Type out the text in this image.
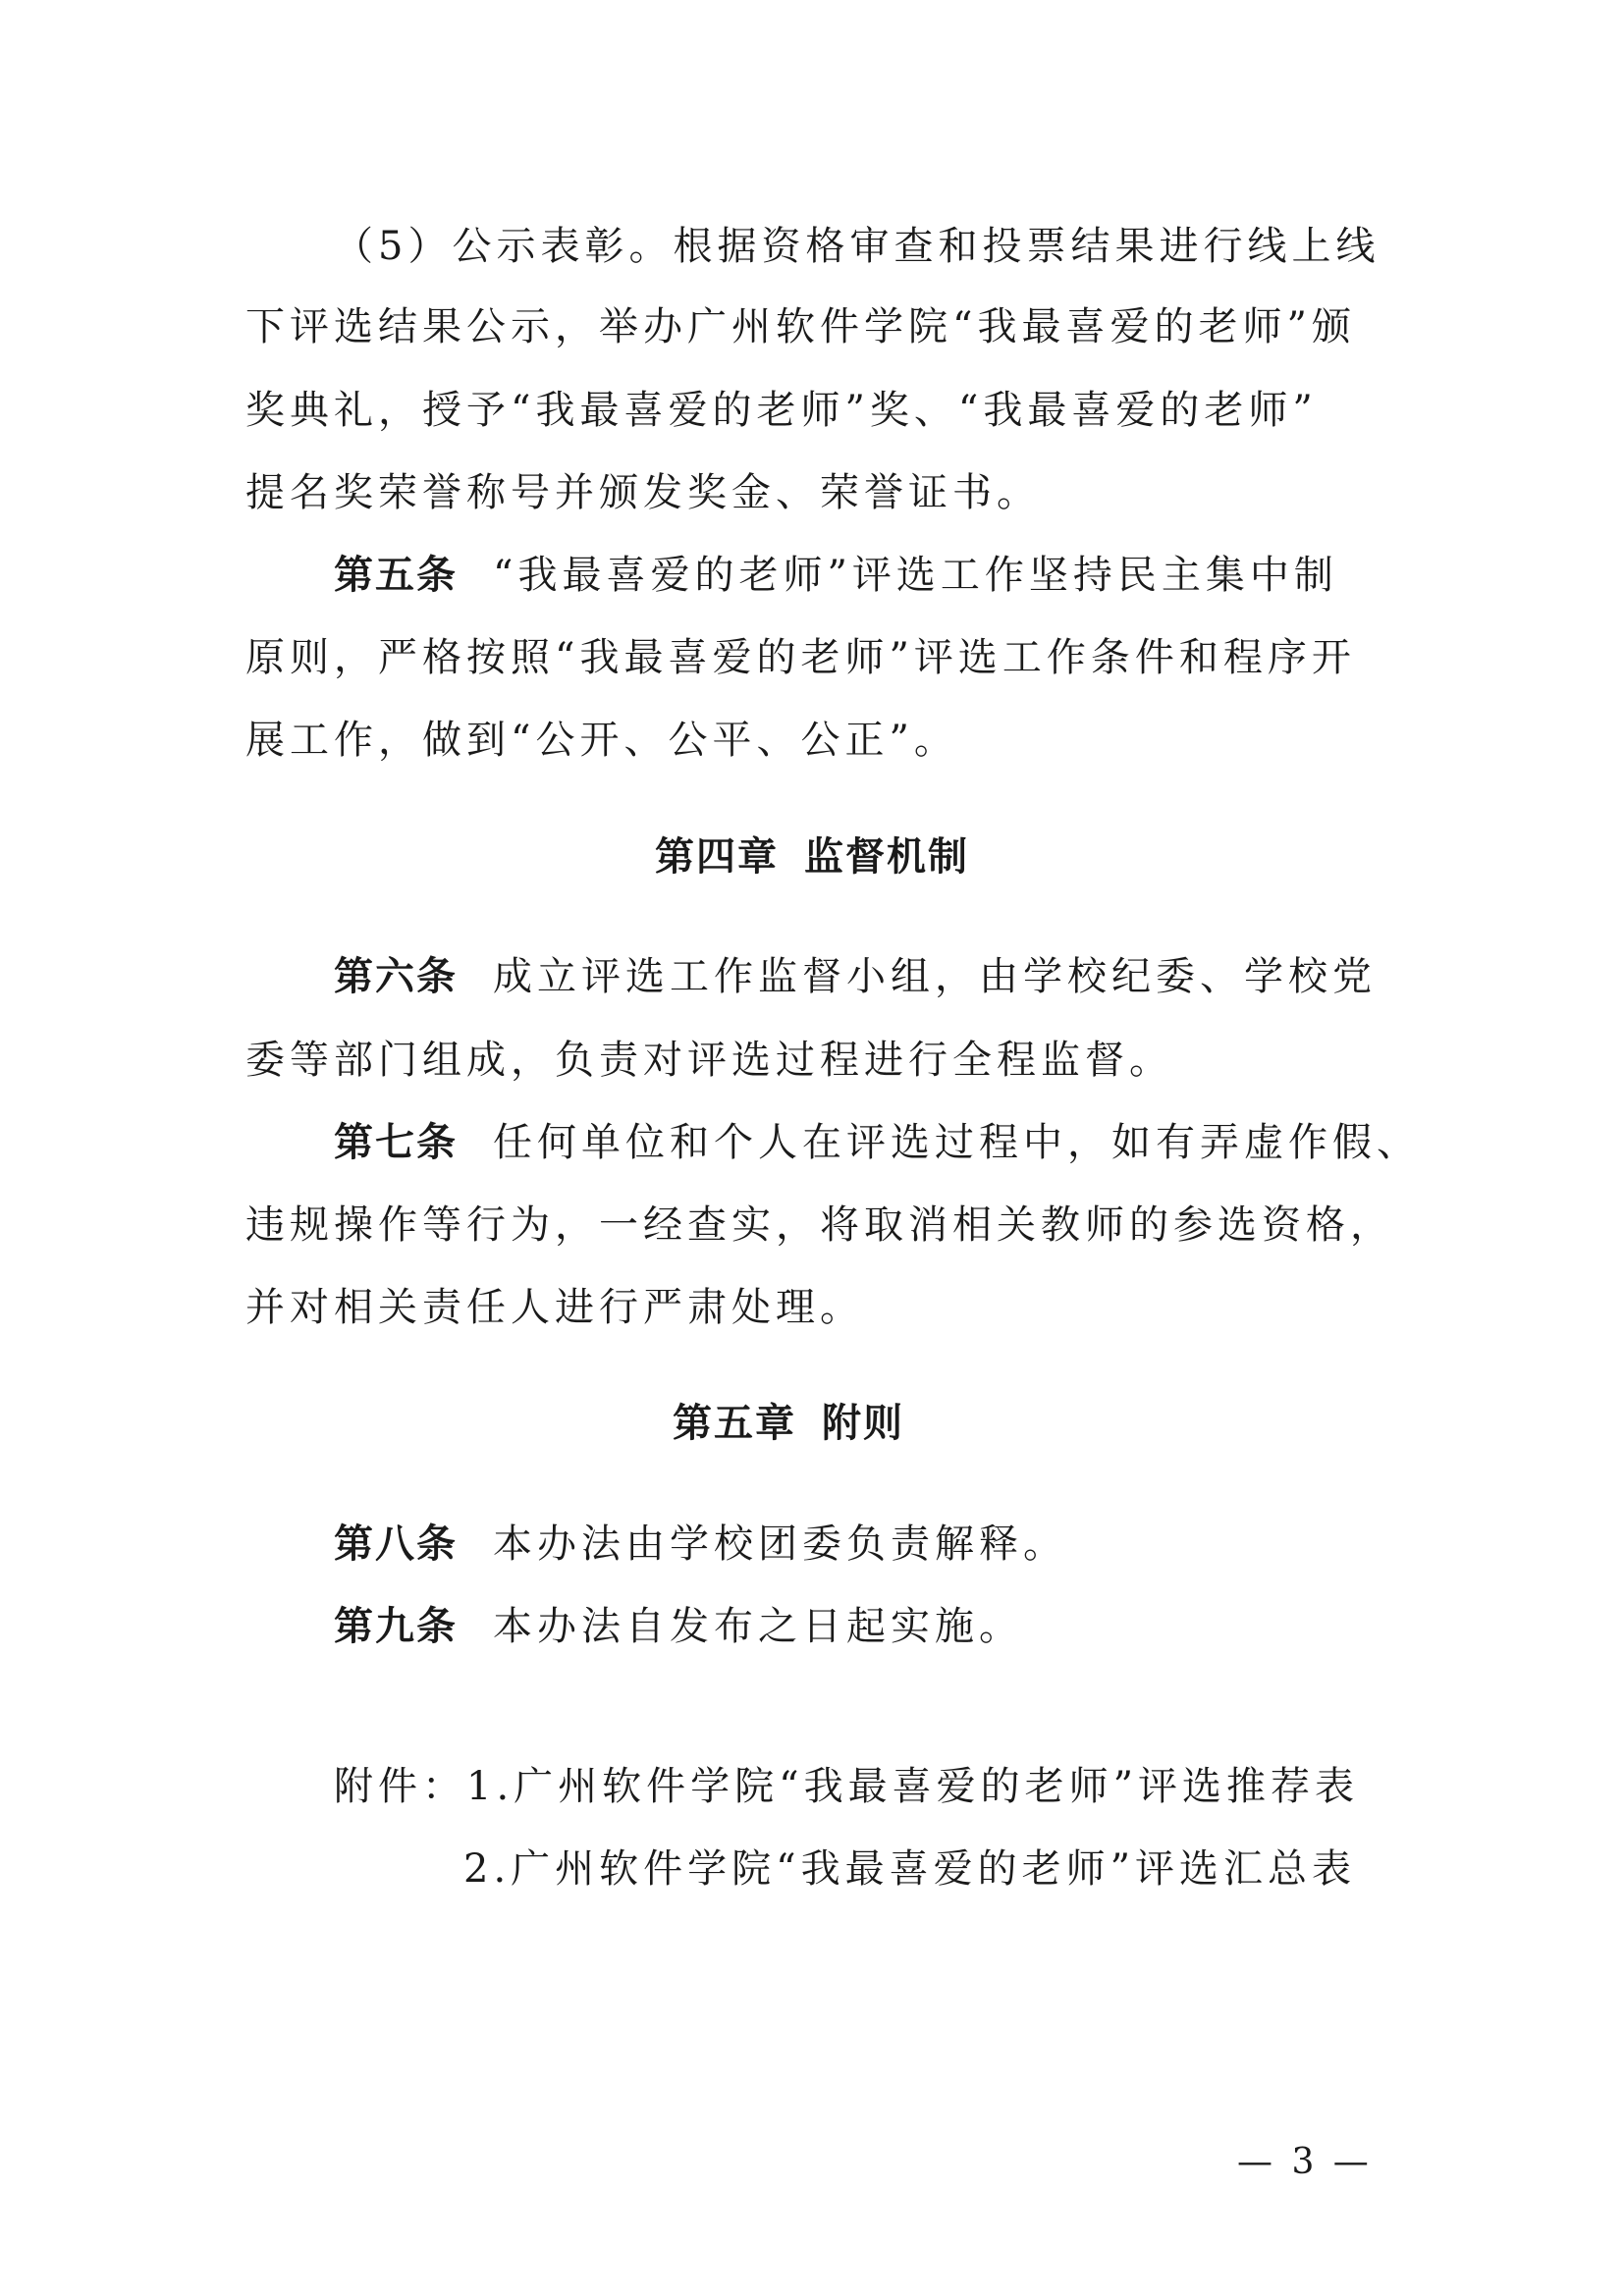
（5）公示表彰。根据资格审查和投票结果进行线上线
下评选结果公示，举办广州软件学院“我最喜爱的老师”颁
奖典礼，授予“我最喜爱的老师”奖、“我最喜爱的老师”
提名奖荣誉称号并颁发奖金、荣誉证书。
第五条 “我最喜爱的老师”评选工作坚持民主集中制
原则，严格按照“我最喜爱的老师”评选工作条件和程序开
展工作，做到“公开、公平、公正”。
第四章 监督机制
第六条 成立评选工作监督小组，由学校纪委、学校党
委等部门组成，负责对评选过程进行全程监督。
第七条 任何单位和个人在评选过程中，如有弄虚作假、
违规操作等行为，一经查实，将取消相关教师的参选资格，
并对相关责任人进行严肃处理。
第五章 附则
第八条 本办法由学校团委负责解释。
第九条 本办法自发布之日起实施。
附件：1.广州软件学院“我最喜爱的老师”评选推荐表
2.广州软件学院“我最喜爱的老师”评选汇总表
— 3 —
